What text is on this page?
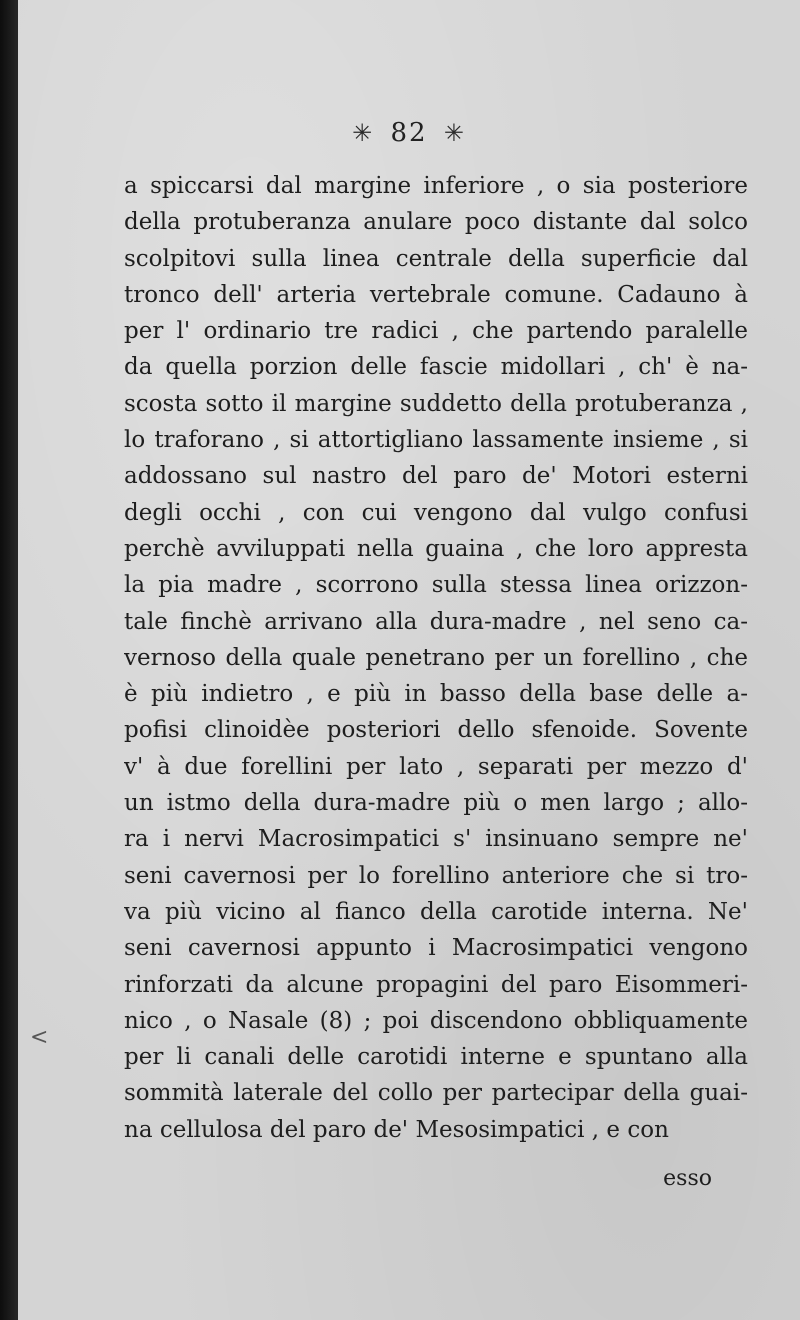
✳ 82 ✳
a spiccarsi dal margine inferiore , o sia posteriore
della protuberanza anulare poco distante dal solco
scolpitovi sulla linea centrale della superficie dal
tronco dell' arteria vertebrale comune. Cadauno à
per l' ordinario tre radici , che partendo paralelle
da quella porzion delle fascie midollari , ch' è na-
scosta sotto il margine suddetto della protuberanza ,
lo traforano , si attortigliano lassamente insieme , si
addossano sul nastro del paro de' Motori esterni
degli occhi , con cui vengono dal vulgo confusi
perchè avviluppati nella guaina , che loro appresta
la pia madre , scorrono sulla stessa linea orizzon-
tale finchè arrivano alla dura-madre , nel seno ca-
vernoso della quale penetrano per un forellino , che
è più indietro , e più in basso della base delle a-
pofisi clinoidèe posteriori dello sfenoide. Sovente
v' à due forellini per lato , separati per mezzo d'
un istmo della dura-madre più o men largo ; allo-
ra i nervi Macrosimpatici s' insinuano sempre ne'
seni cavernosi per lo forellino anteriore che si tro-
va più vicino al fianco della carotide interna. Ne'
seni cavernosi appunto i Macrosimpatici vengono
rinforzati da alcune propagini del paro Eisommeri-
nico , o Nasale (8) ; poi discendono obbliquamente
per li canali delle carotidi interne e spuntano alla
sommità laterale del collo per partecipar della guai-
na cellulosa del paro de' Mesosimpatici , e con
esso
<
